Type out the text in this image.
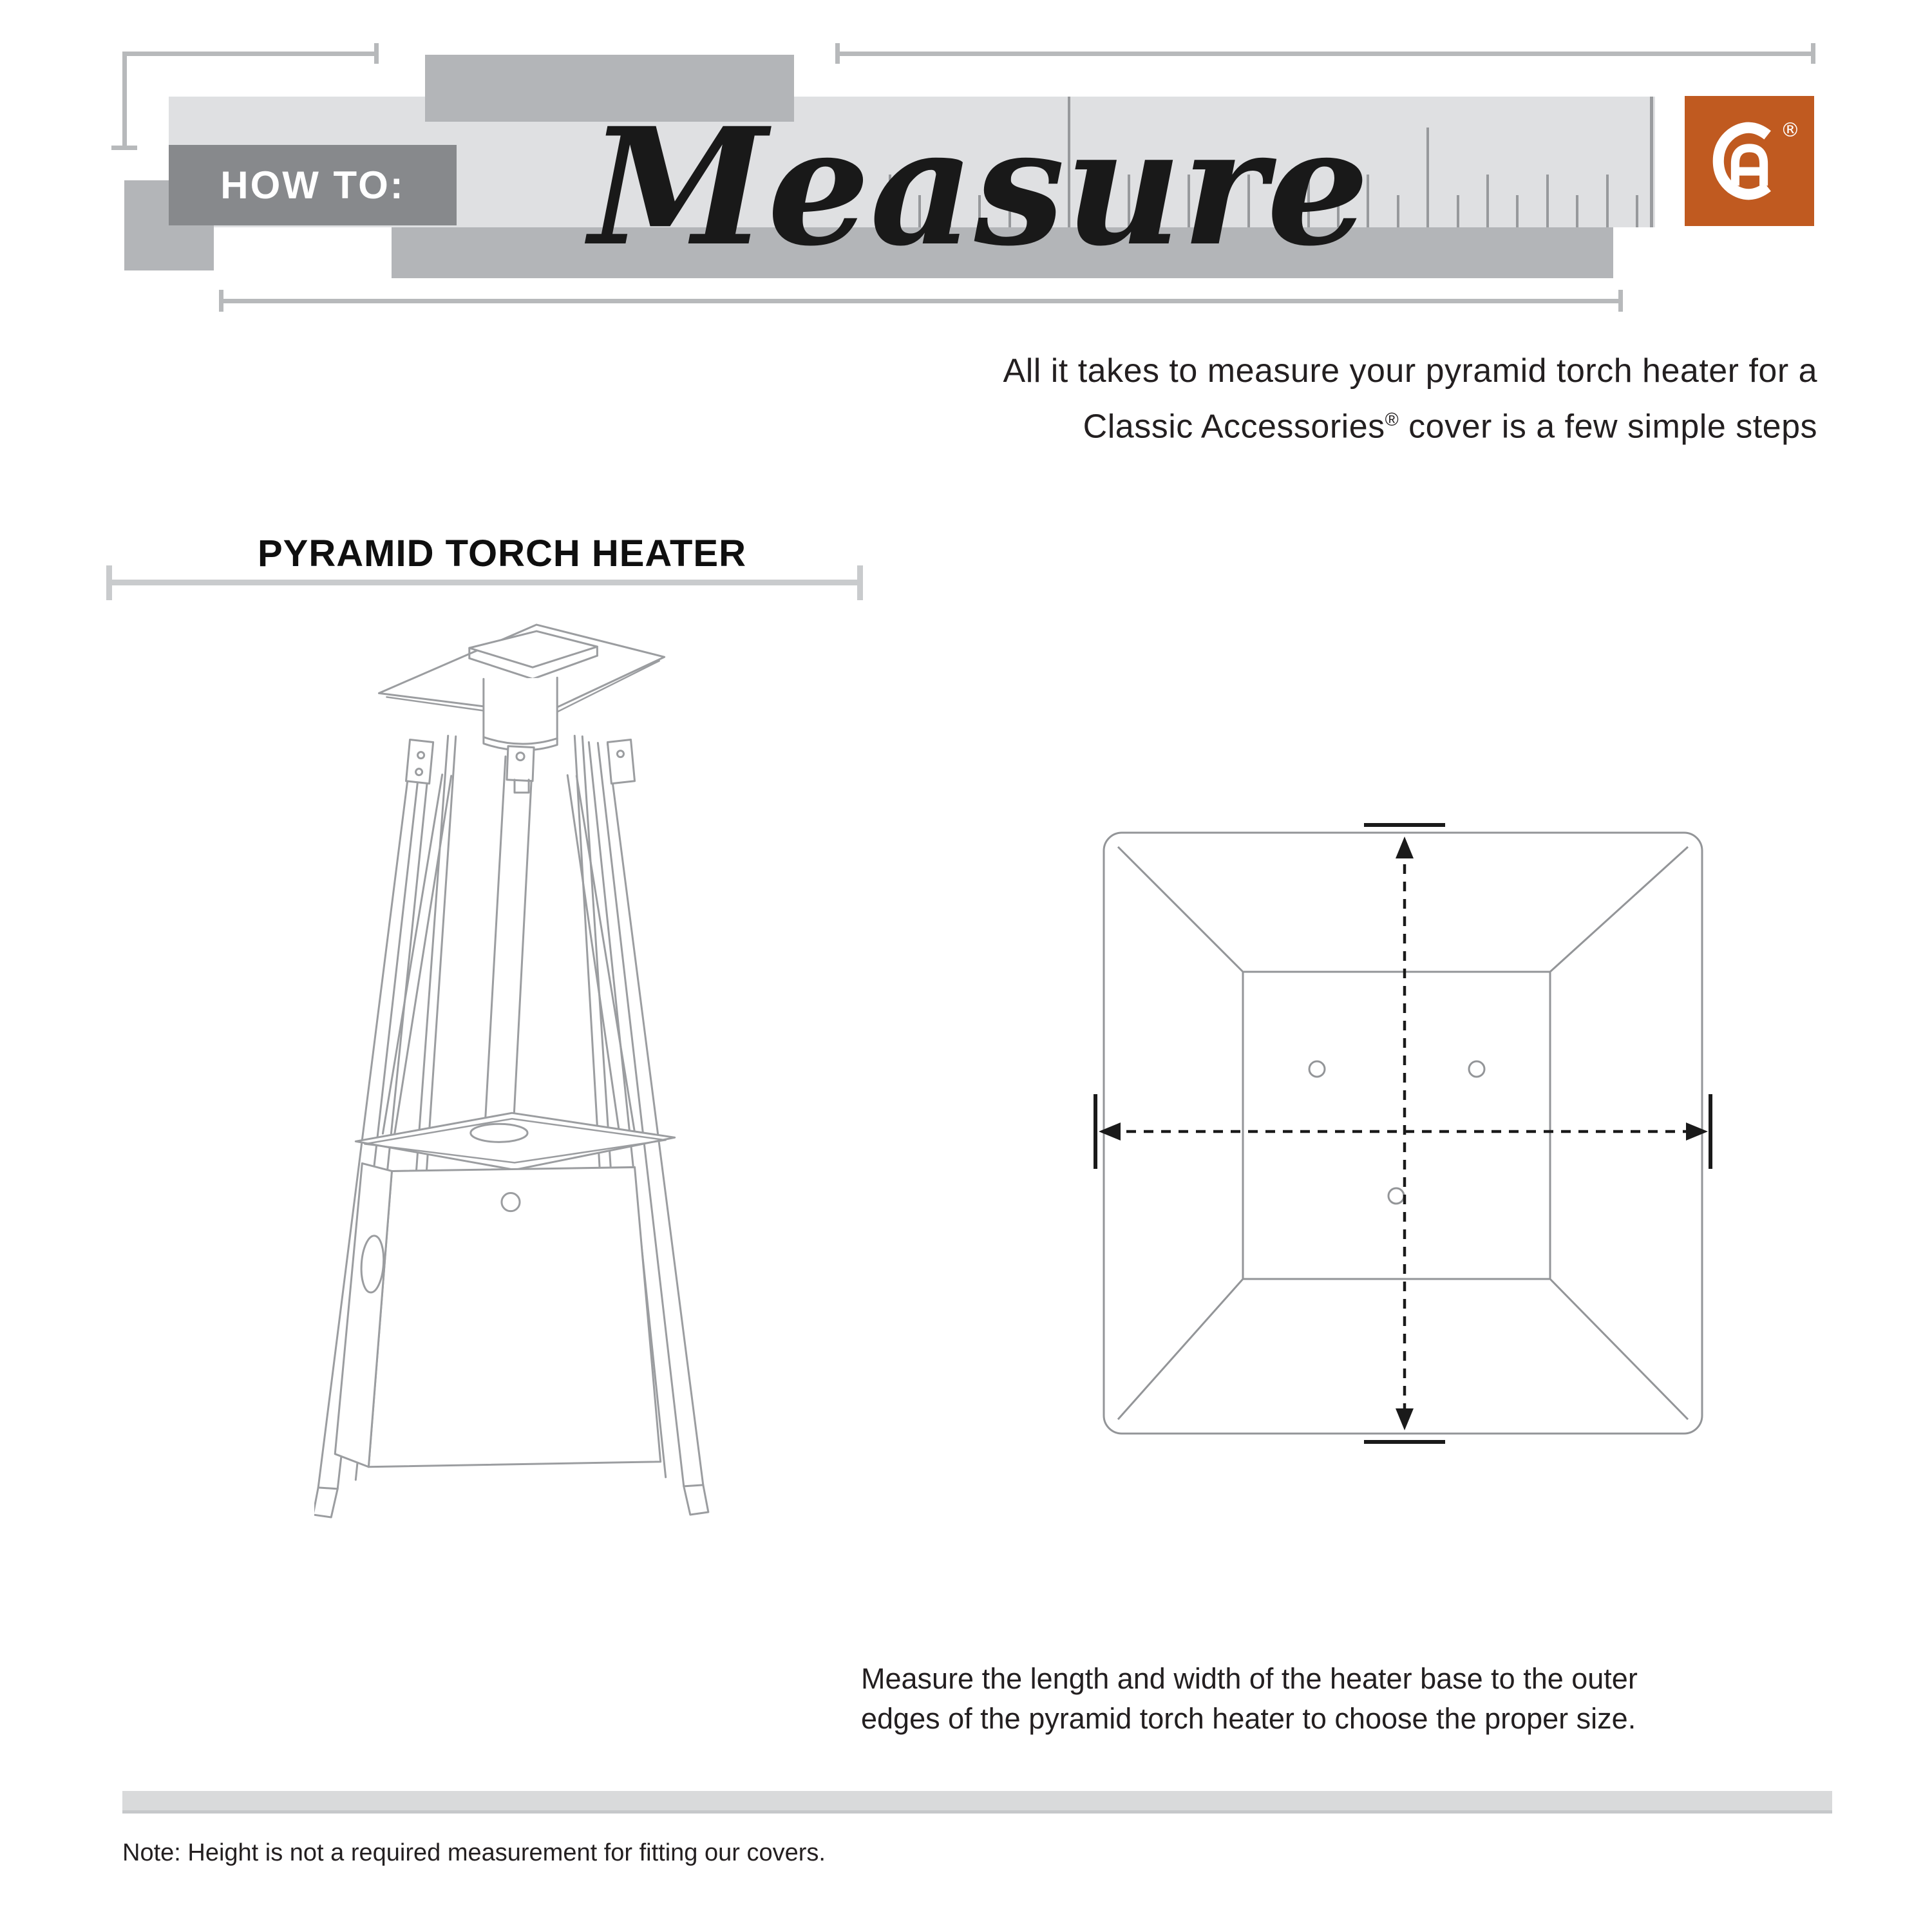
HOW TO: Measure	®
All it takes to measure your pyramid torch heater for a
Classic Accessories® cover is a few simple steps
PYRAMID TORCH HEATER
Measure the length and width of the heater base to the outer
edges of the pyramid torch heater to choose the proper size.
Note: Height is not a required measurement for fitting our covers.
